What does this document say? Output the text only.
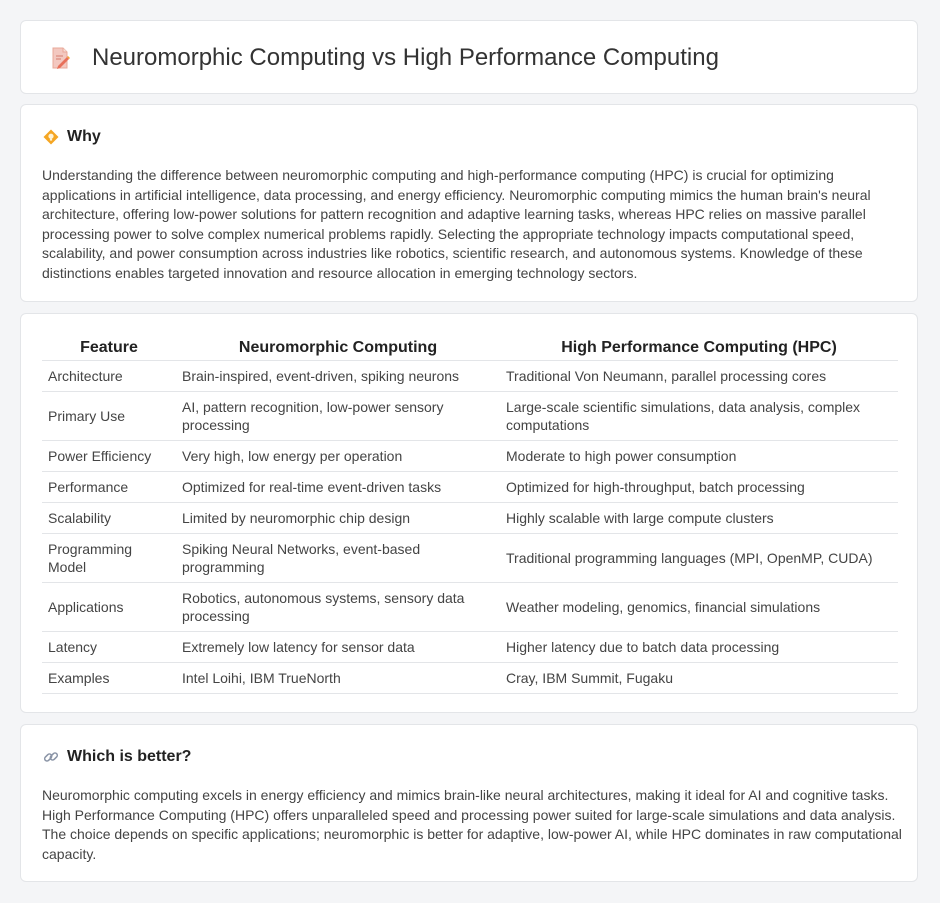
Neuromorphic Computing vs High Performance Computing
Why

Understanding the difference between neuromorphic computing and high-performance computing (HPC) is crucial for optimizing applications in artificial intelligence, data processing, and energy efficiency. Neuromorphic computing mimics the human brain's neural architecture, offering low-power solutions for pattern recognition and adaptive learning tasks, whereas HPC relies on massive parallel processing power to solve complex numerical problems rapidly. Selecting the appropriate technology impacts computational speed, scalability, and power consumption across industries like robotics, scientific research, and autonomous systems. Knowledge of these distinctions enables targeted innovation and resource allocation in emerging technology sectors.

Feature	Neuromorphic Computing	High Performance Computing (HPC)
Architecture	Brain-inspired, event-driven, spiking neurons	Traditional Von Neumann, parallel processing cores
Primary Use	AI, pattern recognition, low-power sensory processing	Large-scale scientific simulations, data analysis, complex computations
Power Efficiency	Very high, low energy per operation	Moderate to high power consumption
Performance	Optimized for real-time event-driven tasks	Optimized for high-throughput, batch processing
Scalability	Limited by neuromorphic chip design	Highly scalable with large compute clusters
Programming Model	Spiking Neural Networks, event-based programming	Traditional programming languages (MPI, OpenMP, CUDA)
Applications	Robotics, autonomous systems, sensory data processing	Weather modeling, genomics, financial simulations
Latency	Extremely low latency for sensor data	Higher latency due to batch data processing
Examples	Intel Loihi, IBM TrueNorth	Cray, IBM Summit, Fugaku
Which is better?

Neuromorphic computing excels in energy efficiency and mimics brain-like neural architectures, making it ideal for AI and cognitive tasks. High Performance Computing (HPC) offers unparalleled speed and processing power suited for large-scale simulations and data analysis. The choice depends on specific applications; neuromorphic is better for adaptive, low-power AI, while HPC dominates in raw computational capacity.
